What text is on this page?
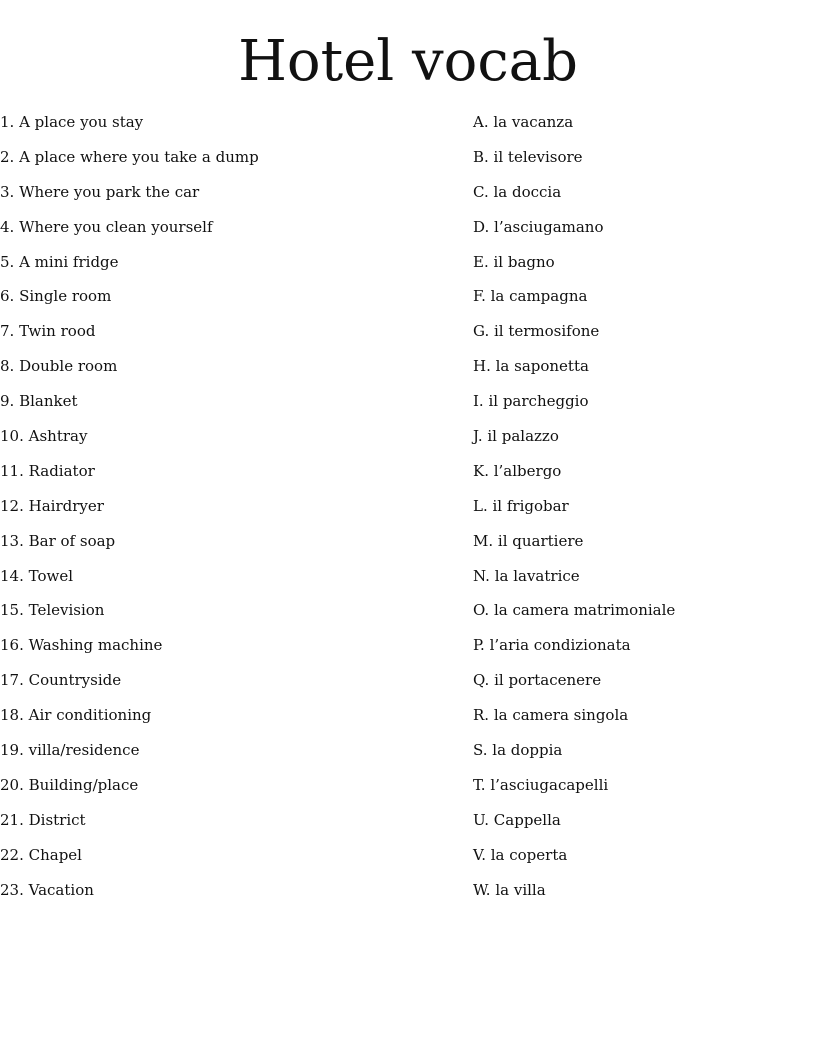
Hotel vocab
1. A place you stay
2. A place where you take a dump
3. Where you park the car
4. Where you clean yourself
5. A mini fridge
6. Single room
7. Twin rood
8. Double room
9. Blanket
10. Ashtray
11. Radiator
12. Hairdryer
13. Bar of soap
14. Towel
15. Television
16. Washing machine
17. Countryside
18. Air conditioning
19. villa/residence
20. Building/place
21. District
22. Chapel
23. Vacation
A. la vacanza
B. il televisore
C. la doccia
D. l’asciugamano
E. il bagno
F. la campagna
G. il termosifone
H. la saponetta
I. il parcheggio
J. il palazzo
K. l’albergo
L. il frigobar
M. il quartiere
N. la lavatrice
O. la camera matrimoniale
P. l’aria condizionata
Q. il portacenere
R. la camera singola
S. la doppia
T. l’asciugacapelli
U. Cappella
V. la coperta
W. la villa
